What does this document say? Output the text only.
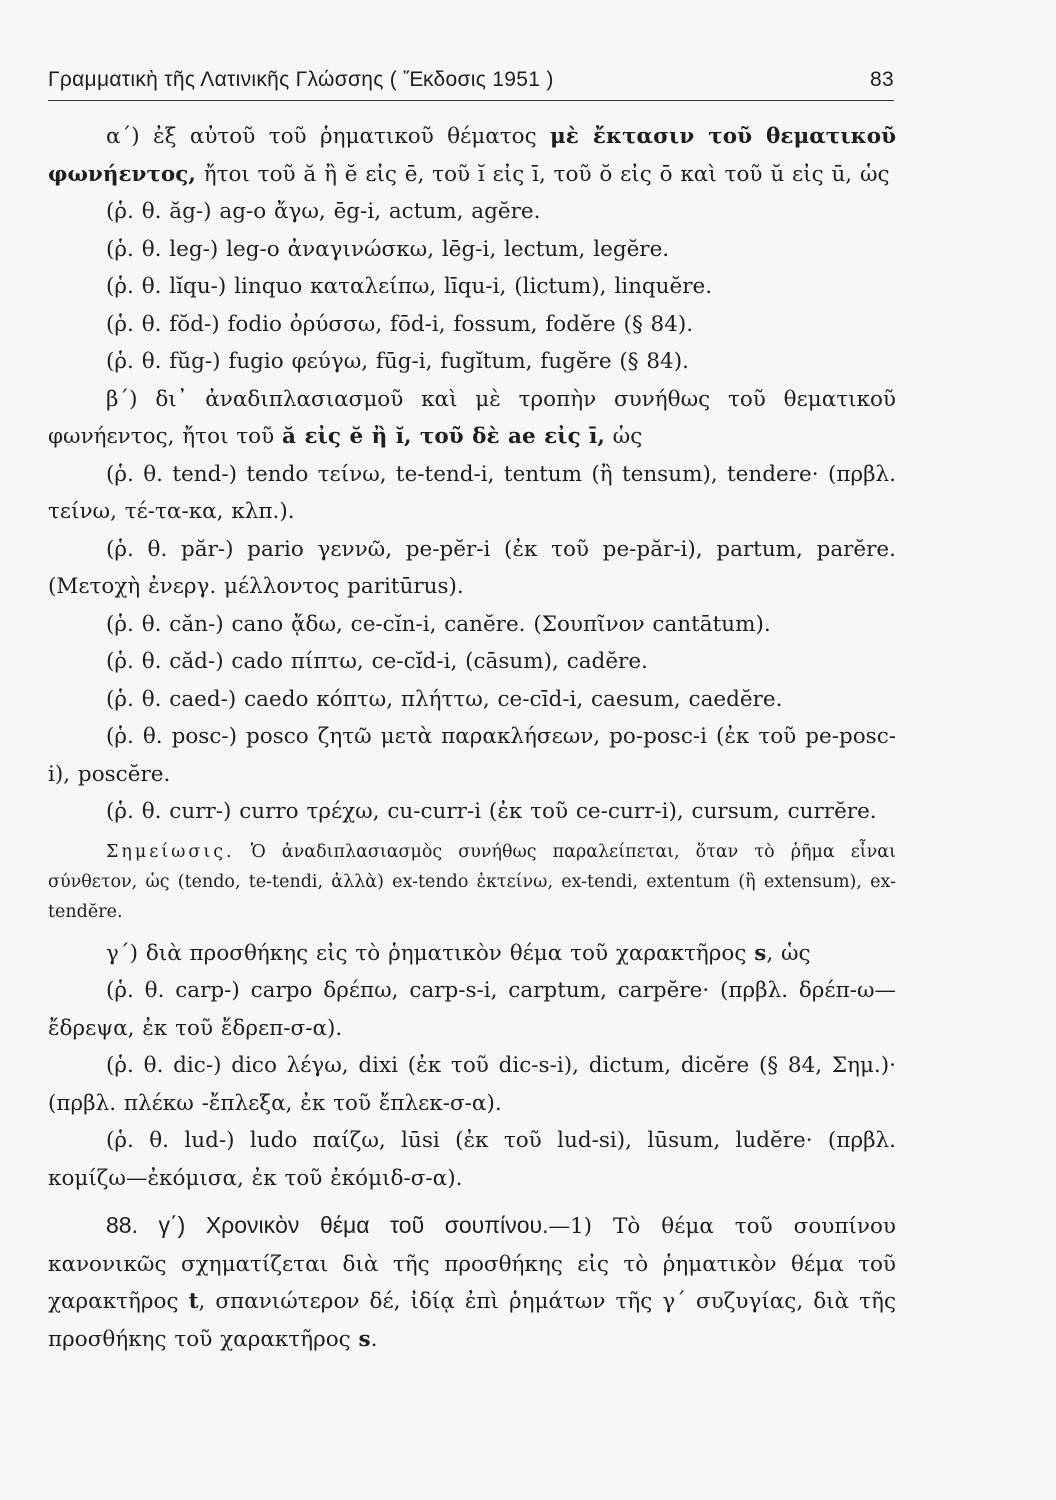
Γραμματικὴ τῆς Λατινικῆς Γλώσσης ( Ἔκδοσις 1951 )	83

α΄) ἐξ αὐτοῦ τοῦ ῥηματικοῦ θέματος μὲ ἔκτασιν τοῦ θεματικοῦ φωνήεντος, ἤτοι τοῦ ă ἢ ĕ εἰς ē, τοῦ ĭ εἰς ī, τοῦ ŏ εἰς ō καὶ τοῦ ŭ εἰς ū, ὡς

(ῥ. θ. ăg-) ag-o ἄγω, ēg-i, actum, agĕre.

(ῥ. θ. leg-) leg-o ἀναγινώσκω, lēg-i, lectum, legĕre.

(ῥ. θ. lĭqu-) linquo καταλείπω, līqu-i, (lictum), linquĕre.

(ῥ. θ. fŏd-) fodio ὀρύσσω, fōd-i, fossum, fodĕre (§ 84).

(ῥ. θ. fŭg-) fugio φεύγω, fūg-i, fugĭtum, fugĕre (§ 84).

β΄) δι᾽ ἀναδιπλασιασμοῦ καὶ μὲ τροπὴν συνήθως τοῦ θεματικοῦ φωνήεντος, ἤτοι τοῦ ă εἰς ĕ ἢ ĭ, τοῦ δὲ ae εἰς ī, ὡς

(ῥ. θ. tend-) tendo τείνω, te-tend-i, tentum (ἢ tensum), tendere· (πρβλ. τείνω, τέ-τα-κα, κλπ.).

(ῥ. θ. păr-) pario γεννῶ, pe-pĕr-i (ἐκ τοῦ pe-păr-i), partum, parĕre. (Μετοχὴ ἐνεργ. μέλλοντος paritūrus).

(ῥ. θ. căn-) cano ᾄδω, ce-cĭn-i, canĕre. (Σουπῖνον cantātum).

(ῥ. θ. căd-) cado πίπτω, ce-cĭd-i, (cāsum), cadĕre.

(ῥ. θ. caed-) caedo κόπτω, πλήττω, ce-cīd-i, caesum, caedĕre.

(ῥ. θ. posc-) posco ζητῶ μετὰ παρακλήσεων, po-posc-i (ἐκ τοῦ pe-posc-i), poscĕre.

(ῥ. θ. curr-) curro τρέχω, cu-curr-i (ἐκ τοῦ ce-curr-i), cursum, currĕre.

Σημείωσις. Ὁ ἀναδιπλασιασμὸς συνήθως παραλείπεται, ὅταν τὸ ῥῆμα εἶναι σύνθετον, ὡς (tendo, te-tendi, ἀλλὰ) ex-tendo ἐκτείνω, ex-tendi, extentum (ἢ extensum), ex-tendĕre.

γ΄) διὰ προσθήκης εἰς τὸ ῥηματικὸν θέμα τοῦ χαρακτῆρος s, ὡς

(ῥ. θ. carp-) carpo δρέπω, carp-s-i, carptum, carpĕre· (πρβλ. δρέπ-ω—ἔδρεψα, ἐκ τοῦ ἔδρεπ-σ-α).

(ῥ. θ. dic-) dico λέγω, dixi (ἐκ τοῦ dic-s-i), dictum, dicĕre (§ 84, Σημ.)· (πρβλ. πλέκω -ἔπλεξα, ἐκ τοῦ ἔπλεκ-σ-α).

(ῥ. θ. lud-) ludo παίζω, lūsi (ἐκ τοῦ lud-si), lūsum, ludĕre· (πρβλ. κομίζω—ἐκόμισα, ἐκ τοῦ ἐκόμιδ-σ-α).

88. γ΄) Χρονικὸν θέμα τοῦ σουπίνου.—1) Τὸ θέμα τοῦ σουπίνου κανονικῶς σχηματίζεται διὰ τῆς προσθήκης εἰς τὸ ῥηματικὸν θέμα τοῦ χαρακτῆρος t, σπανιώτερον δέ, ἰδίᾳ ἐπὶ ῥημάτων τῆς γ΄ συζυγίας, διὰ τῆς προσθήκης τοῦ χαρακτῆρος s.
